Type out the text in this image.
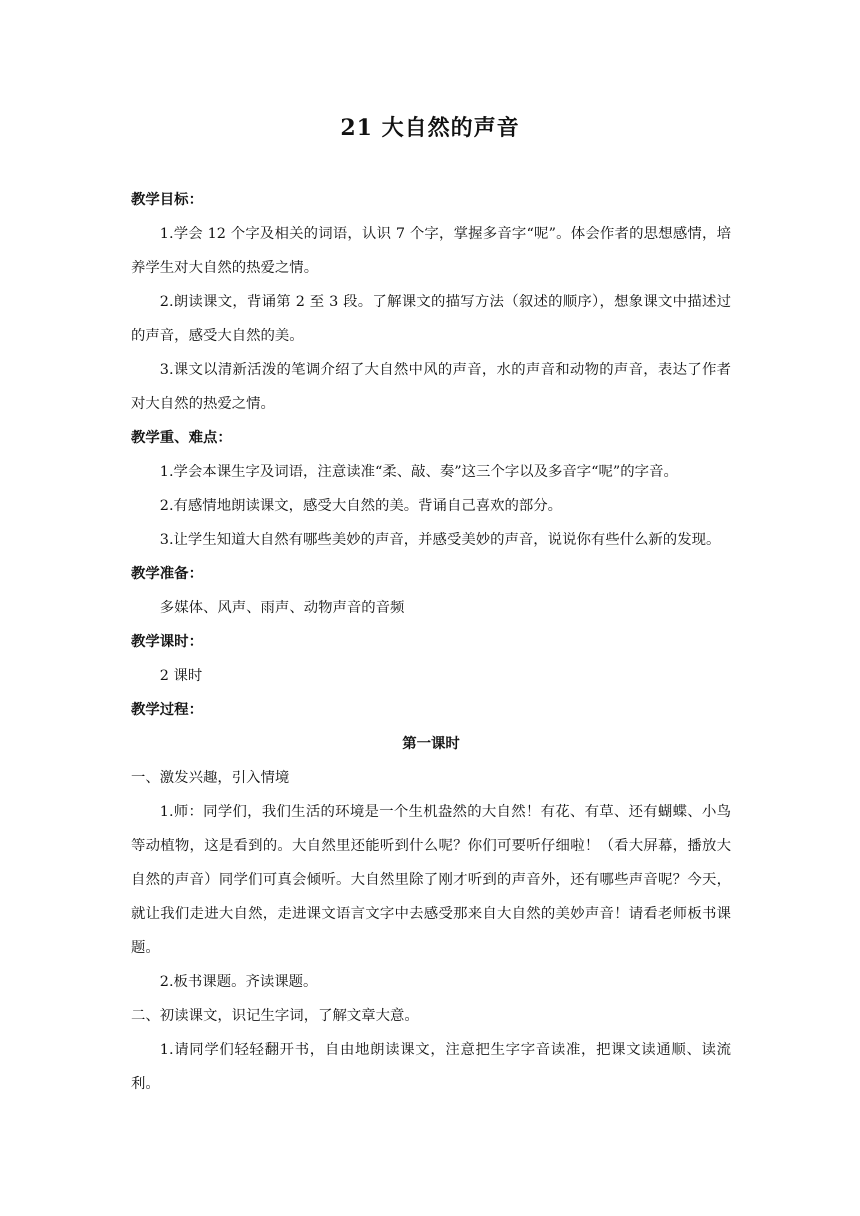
21 大自然的声音

教学目标：

1.学会 12 个字及相关的词语，认识 7 个字，掌握多音字“呢”。体会作者的思想感情，培养学生对大自然的热爱之情。

2.朗读课文，背诵第 2 至 3 段。了解课文的描写方法（叙述的顺序），想象课文中描述过的声音，感受大自然的美。

3.课文以清新活泼的笔调介绍了大自然中风的声音，水的声音和动物的声音，表达了作者对大自然的热爱之情。

教学重、难点：

1.学会本课生字及词语，注意读准“柔、敲、奏”这三个字以及多音字“呢”的字音。

2.有感情地朗读课文，感受大自然的美。背诵自己喜欢的部分。

3.让学生知道大自然有哪些美妙的声音，并感受美妙的声音，说说你有些什么新的发现。

教学准备：

多媒体、风声、雨声、动物声音的音频

教学课时：

2 课时

教学过程：

第一课时

一、激发兴趣，引入情境

1.师：同学们，我们生活的环境是一个生机盎然的大自然！有花、有草、还有蝴蝶、小鸟等动植物，这是看到的。大自然里还能听到什么呢？你们可要听仔细啦！（看大屏幕，播放大自然的声音）同学们可真会倾听。大自然里除了刚才听到的声音外，还有哪些声音呢？今天，就让我们走进大自然，走进课文语言文字中去感受那来自大自然的美妙声音！请看老师板书课题。

2.板书课题。齐读课题。

二、初读课文，识记生字词，了解文章大意。

1.请同学们轻轻翻开书，自由地朗读课文，注意把生字字音读准，把课文读通顺、读流利。
